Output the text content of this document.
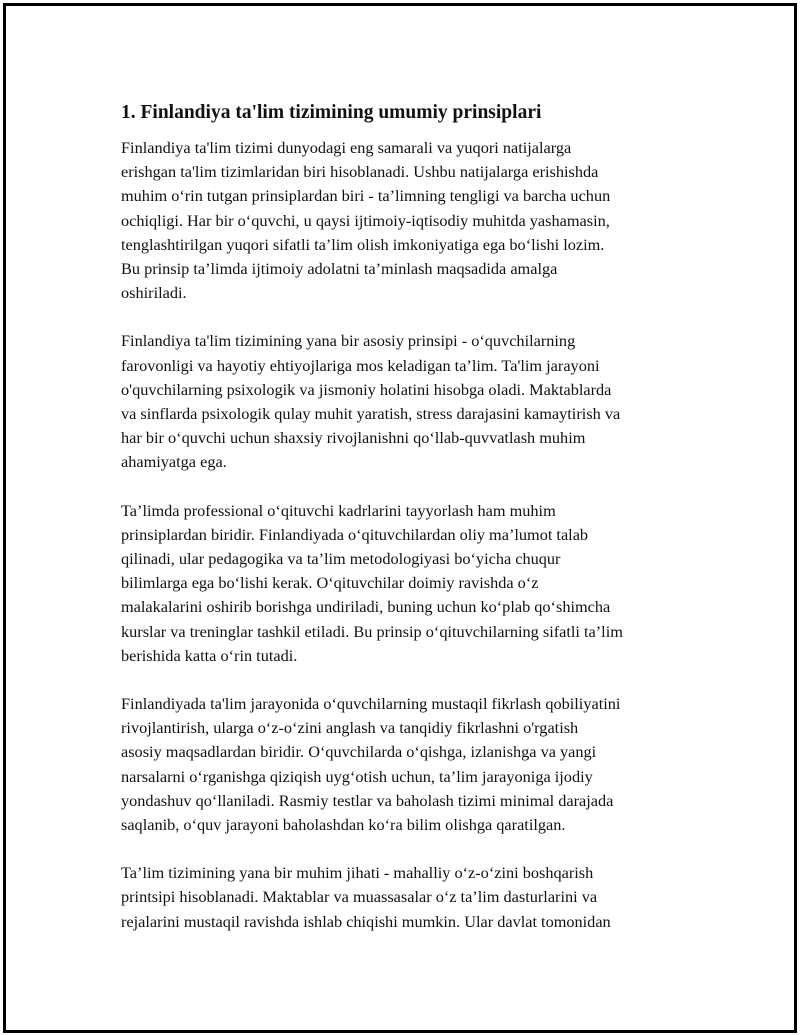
1. Finlandiya ta'lim tizimining umumiy prinsiplari

Finlandiya ta'lim tizimi dunyodagi eng samarali va yuqori natijalarga
erishgan ta'lim tizimlaridan biri hisoblanadi. Ushbu natijalarga erishishda
muhim o‘rin tutgan prinsiplardan biri - ta’limning tengligi va barcha uchun
ochiqligi. Har bir o‘quvchi, u qaysi ijtimoiy-iqtisodiy muhitda yashamasin,
tenglashtirilgan yuqori sifatli ta’lim olish imkoniyatiga ega bo‘lishi lozim.
Bu prinsip ta’limda ijtimoiy adolatni ta’minlash maqsadida amalga
oshiriladi.

Finlandiya ta'lim tizimining yana bir asosiy prinsipi - o‘quvchilarning
farovonligi va hayotiy ehtiyojlariga mos keladigan ta’lim. Ta'lim jarayoni
o'quvchilarning psixologik va jismoniy holatini hisobga oladi. Maktablarda
va sinflarda psixologik qulay muhit yaratish, stress darajasini kamaytirish va
har bir o‘quvchi uchun shaxsiy rivojlanishni qo‘llab-quvvatlash muhim
ahamiyatga ega.

Ta’limda professional o‘qituvchi kadrlarini tayyorlash ham muhim
prinsiplardan biridir. Finlandiyada o‘qituvchilardan oliy ma’lumot talab
qilinadi, ular pedagogika va ta’lim metodologiyasi bo‘yicha chuqur
bilimlarga ega bo‘lishi kerak. O‘qituvchilar doimiy ravishda o‘z
malakalarini oshirib borishga undiriladi, buning uchun ko‘plab qo‘shimcha
kurslar va treninglar tashkil etiladi. Bu prinsip o‘qituvchilarning sifatli ta’lim
berishida katta o‘rin tutadi.

Finlandiyada ta'lim jarayonida o‘quvchilarning mustaqil fikrlash qobiliyatini
rivojlantirish, ularga o‘z-o‘zini anglash va tanqidiy fikrlashni o'rgatish
asosiy maqsadlardan biridir. O‘quvchilarda o‘qishga, izlanishga va yangi
narsalarni o‘rganishga qiziqish uyg‘otish uchun, ta’lim jarayoniga ijodiy
yondashuv qo‘llaniladi. Rasmiy testlar va baholash tizimi minimal darajada
saqlanib, o‘quv jarayoni baholashdan ko‘ra bilim olishga qaratilgan.

Ta’lim tizimining yana bir muhim jihati - mahalliy o‘z-o‘zini boshqarish
printsipi hisoblanadi. Maktablar va muassasalar o‘z ta’lim dasturlarini va
rejalarini mustaqil ravishda ishlab chiqishi mumkin. Ular davlat tomonidan
